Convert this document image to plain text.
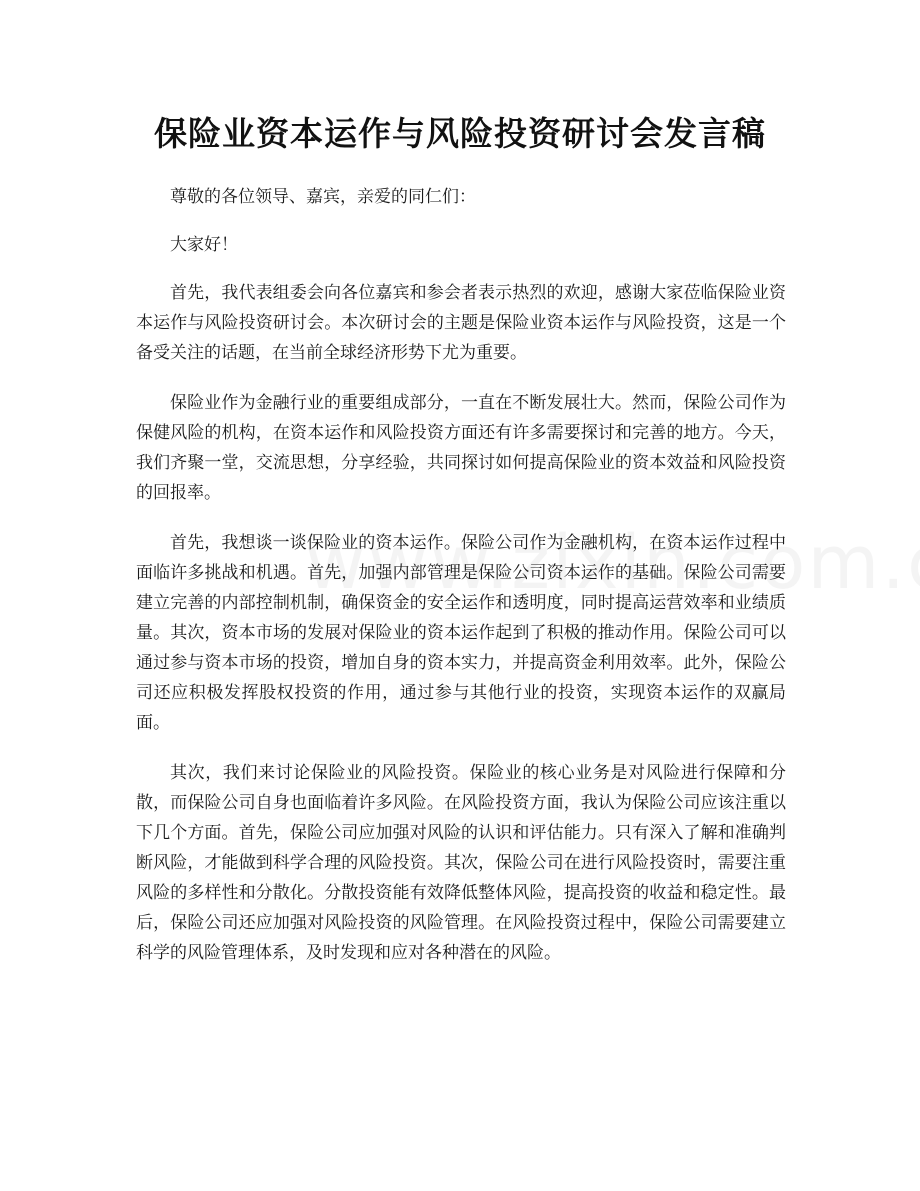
保险业资本运作与风险投资研讨会发言稿

尊敬的各位领导、嘉宾，亲爱的同仁们：

大家好！

首先，我代表组委会向各位嘉宾和参会者表示热烈的欢迎，感谢大家莅临保险业资本运作与风险投资研讨会。本次研讨会的主题是保险业资本运作与风险投资，这是一个备受关注的话题，在当前全球经济形势下尤为重要。

保险业作为金融行业的重要组成部分，一直在不断发展壮大。然而，保险公司作为保健风险的机构，在资本运作和风险投资方面还有许多需要探讨和完善的地方。今天，我们齐聚一堂，交流思想，分享经验，共同探讨如何提高保险业的资本效益和风险投资的回报率。

首先，我想谈一谈保险业的资本运作。保险公司作为金融机构，在资本运作过程中面临许多挑战和机遇。首先，加强内部管理是保险公司资本运作的基础。保险公司需要建立完善的内部控制机制，确保资金的安全运作和透明度，同时提高运营效率和业绩质量。其次，资本市场的发展对保险业的资本运作起到了积极的推动作用。保险公司可以通过参与资本市场的投资，增加自身的资本实力，并提高资金利用效率。此外，保险公司还应积极发挥股权投资的作用，通过参与其他行业的投资，实现资本运作的双赢局面。

其次，我们来讨论保险业的风险投资。保险业的核心业务是对风险进行保障和分散，而保险公司自身也面临着许多风险。在风险投资方面，我认为保险公司应该注重以下几个方面。首先，保险公司应加强对风险的认识和评估能力。只有深入了解和准确判断风险，才能做到科学合理的风险投资。其次，保险公司在进行风险投资时，需要注重风险的多样性和分散化。分散投资能有效降低整体风险，提高投资的收益和稳定性。最后，保险公司还应加强对风险投资的风险管理。在风险投资过程中，保险公司需要建立科学的风险管理体系，及时发现和应对各种潜在的风险。
